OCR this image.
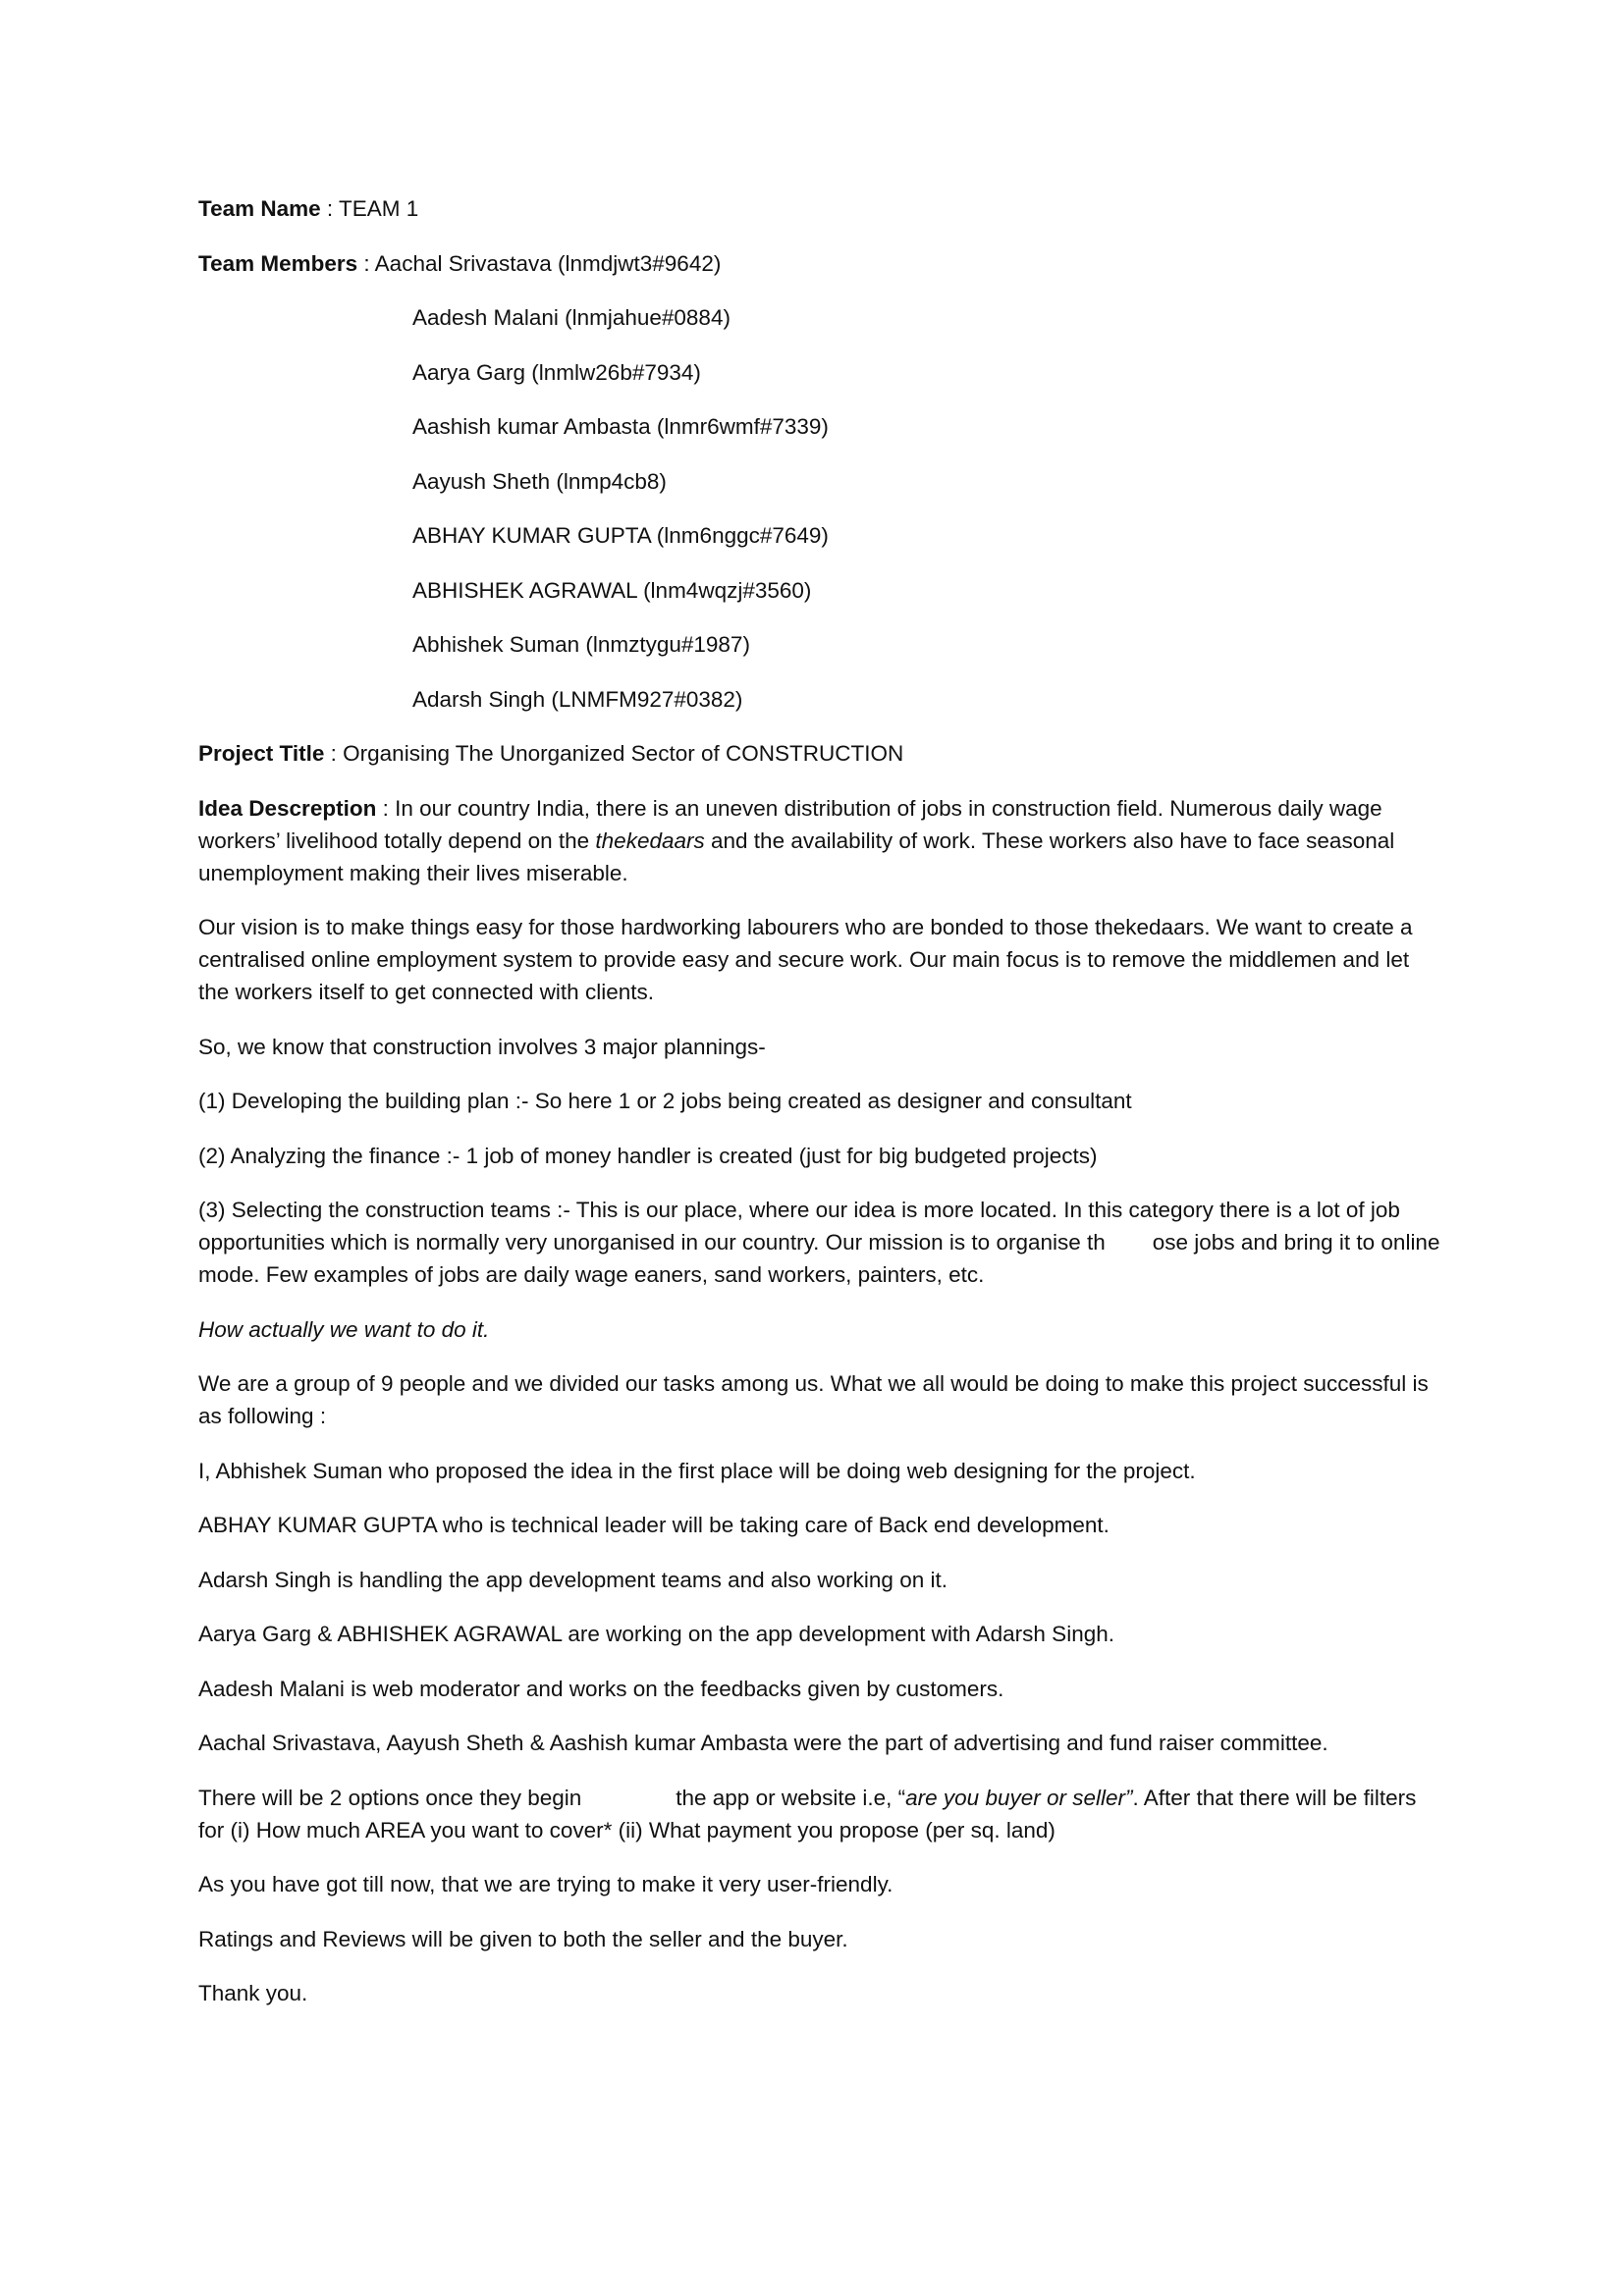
Team Name : TEAM 1

Team Members : Aachal Srivastava (lnmdjwt3#9642)

Aadesh Malani (lnmjahue#0884)

Aarya Garg (lnmlw26b#7934)

Aashish kumar Ambasta (lnmr6wmf#7339)

Aayush Sheth (lnmp4cb8)

ABHAY KUMAR GUPTA (lnm6nggc#7649)

ABHISHEK AGRAWAL (lnm4wqzj#3560)

Abhishek Suman (lnmztygu#1987)

Adarsh Singh (LNMFM927#0382)

Project Title : Organising The Unorganized Sector of CONSTRUCTION

Idea Descreption : In our country India, there is an uneven distribution of jobs in construction field. Numerous daily wage workers’ livelihood totally depend on the thekedaars and the availability of work. These workers also have to face seasonal unemployment making their lives miserable.

Our vision is to make things easy for those hardworking labourers who are bonded to those thekedaars. We want to create a centralised online employment system to provide easy and secure work. Our main focus is to remove the middlemen and let the workers itself to get connected with clients.

So, we know that construction involves 3 major plannings-

(1) Developing the building plan :- So here 1 or 2 jobs being created as designer and consultant

(2) Analyzing the finance :- 1 job of money handler is created (just for big budgeted projects)

(3) Selecting the construction teams :- This is our place, where our idea is more located. In this category there is a lot of job opportunities which is normally very unorganised in our country. Our mission is to organise th ose jobs and bring it to online mode. Few examples of jobs are daily wage eaners, sand workers, painters, etc.

How actually we want to do it.

We are a group of 9 people and we divided our tasks among us. What we all would be doing to make this project successful is as following :

I, Abhishek Suman who proposed the idea in the first place will be doing web designing for the project.

ABHAY KUMAR GUPTA who is technical leader will be taking care of Back end development.

Adarsh Singh is handling the app development teams and also working on it.

Aarya Garg & ABHISHEK AGRAWAL are working on the app development with Adarsh Singh.

Aadesh Malani is web moderator and works on the feedbacks given by customers.

Aachal Srivastava, Aayush Sheth & Aashish kumar Ambasta were the part of advertising and fund raiser committee.

There will be 2 options once they begin	the app or website i.e, “are you buyer or seller”. After that there will be filters for (i) How much AREA you want to cover* (ii) What payment you propose (per sq. land)

As you have got till now, that we are trying to make it very user-friendly.

Ratings and Reviews will be given to both the seller and the buyer.

Thank you.
